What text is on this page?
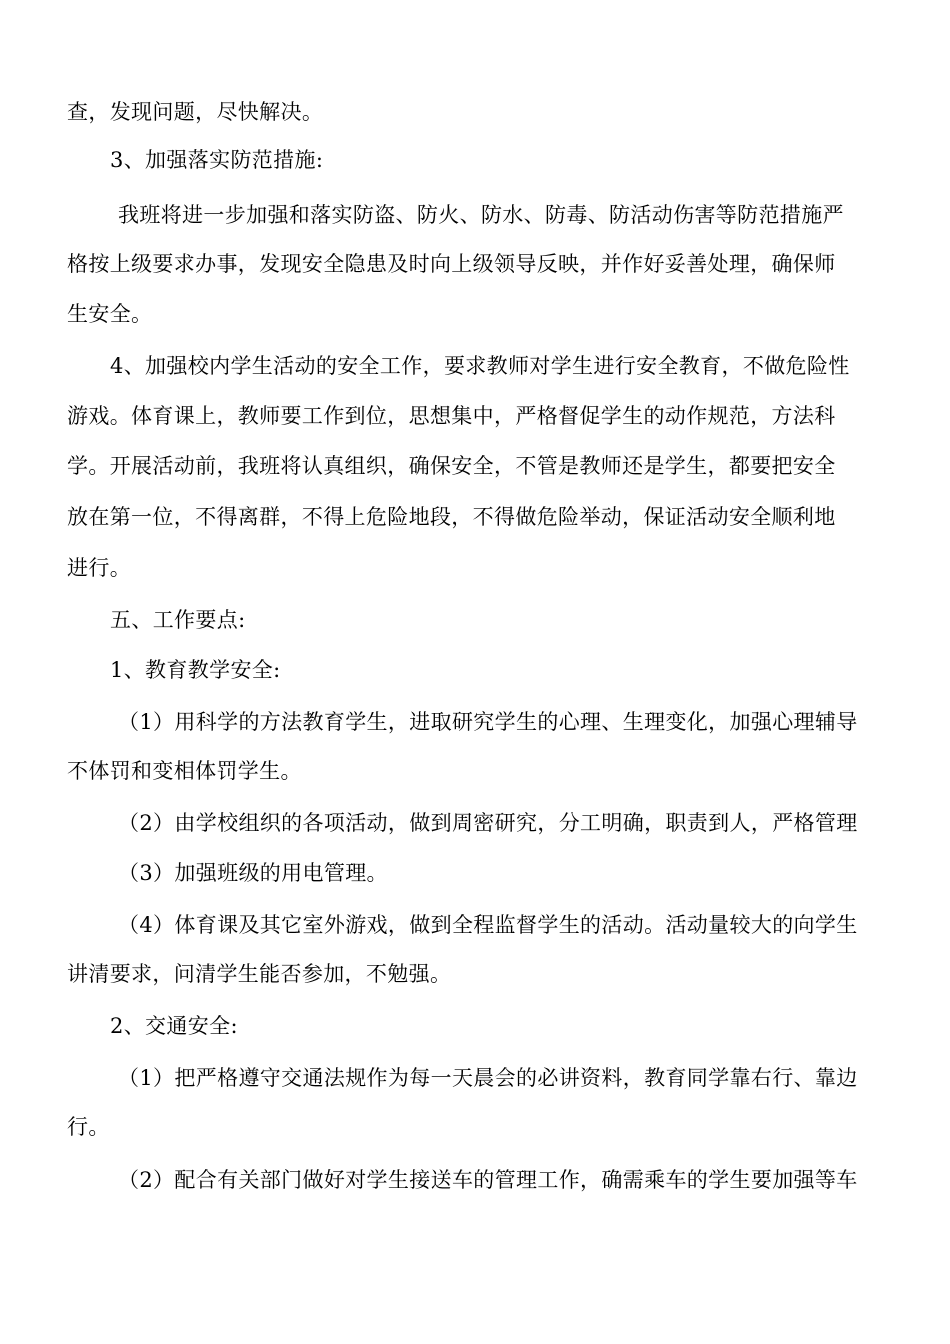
查，发现问题，尽快解决。
3、加强落实防范措施:
我班将进一步加强和落实防盗、防火、防水、防毒、防活动伤害等防范措施严
格按上级要求办事，发现安全隐患及时向上级领导反映，并作好妥善处理，确保师
生安全。
4、加强校内学生活动的安全工作，要求教师对学生进行安全教育，不做危险性
游戏。体育课上，教师要工作到位，思想集中，严格督促学生的动作规范，方法科
学。开展活动前，我班将认真组织，确保安全，不管是教师还是学生，都要把安全
放在第一位，不得离群，不得上危险地段，不得做危险举动，保证活动安全顺利地
进行。
五、工作要点:
1、教育教学安全:
（1）用科学的方法教育学生，进取研究学生的心理、生理变化，加强心理辅导
不体罚和变相体罚学生。
（2）由学校组织的各项活动，做到周密研究，分工明确，职责到人，严格管理
（3）加强班级的用电管理。
（4）体育课及其它室外游戏，做到全程监督学生的活动。活动量较大的向学生
讲清要求，问清学生能否参加，不勉强。
2、交通安全:
（1）把严格遵守交通法规作为每一天晨会的必讲资料，教育同学靠右行、靠边
行。
（2）配合有关部门做好对学生接送车的管理工作，确需乘车的学生要加强等车
